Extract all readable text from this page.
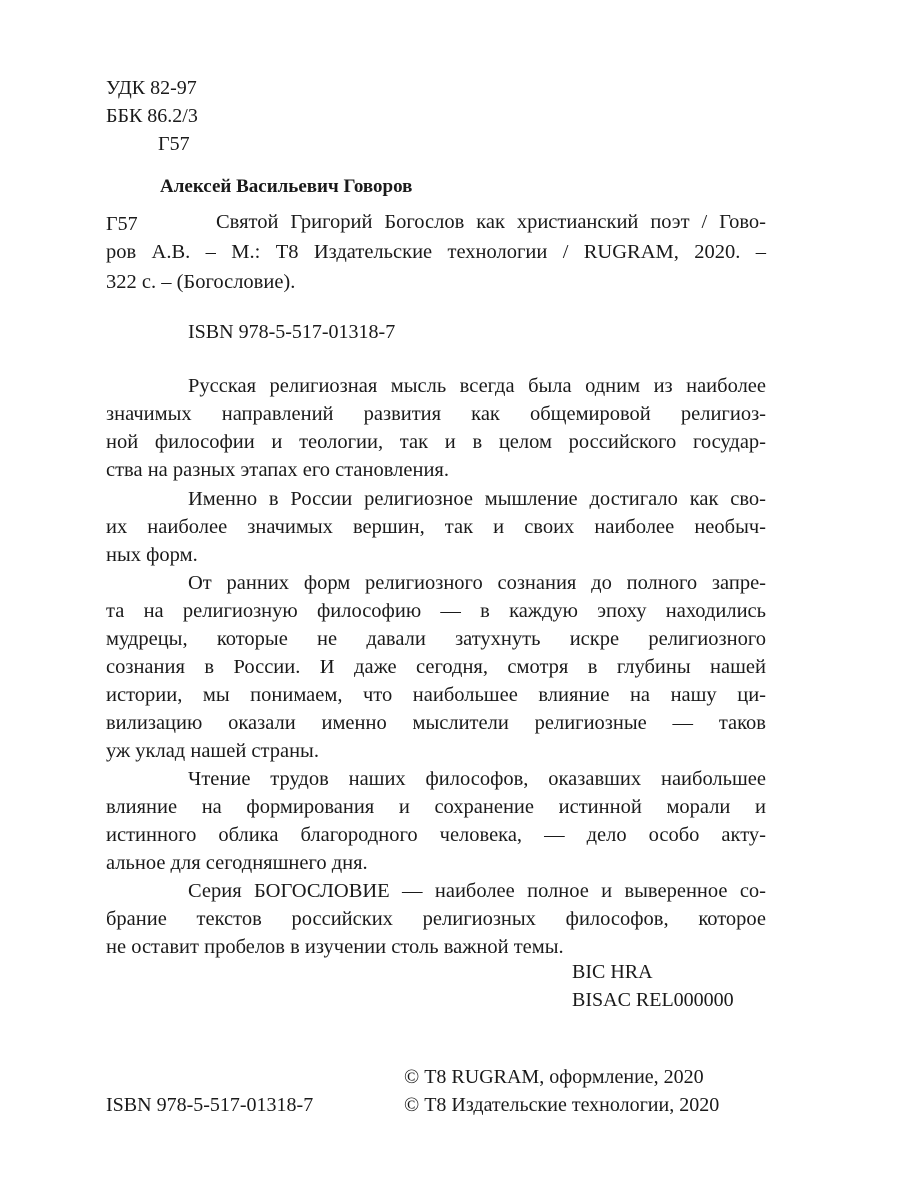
УДК 82-97
ББК 86.2/3
Г57
Алексей Васильевич Говоров
Г57	Святой Григорий Богослов как христианский поэт / Гово-
ров А.В. – М.: Т8 Издательские технологии / RUGRAM, 2020. –
322 с. – (Богословие).
ISBN 978-5-517-01318-7
Русская религиозная мысль всегда была одним из наиболее
значимых направлений развития как общемировой религиоз-
ной философии и теологии, так и в целом российского государ-
ства на разных этапах его становления.
Именно в России религиозное мышление достигало как сво-
их наиболее значимых вершин, так и своих наиболее необыч-
ных форм.
От ранних форм религиозного сознания до полного запре-
та на религиозную философию — в каждую эпоху находились
мудрецы, которые не давали затухнуть искре религиозного
сознания в России. И даже сегодня, смотря в глубины нашей
истории, мы понимаем, что наибольшее влияние на нашу ци-
вилизацию оказали именно мыслители религиозные — таков
уж уклад нашей страны.
Чтение трудов наших философов, оказавших наибольшее
влияние на формирования и сохранение истинной морали и
истинного облика благородного человека, — дело особо акту-
альное для сегодняшнего дня.
Серия БОГОСЛОВИЕ — наиболее полное и выверенное со-
брание текстов российских религиозных философов, которое
не оставит пробелов в изучении столь важной темы.
BIC HRA
BISAC REL000000
© Т8 RUGRAM, оформление, 2020
ISBN 978-5-517-01318-7	© Т8 Издательские технологии, 2020
